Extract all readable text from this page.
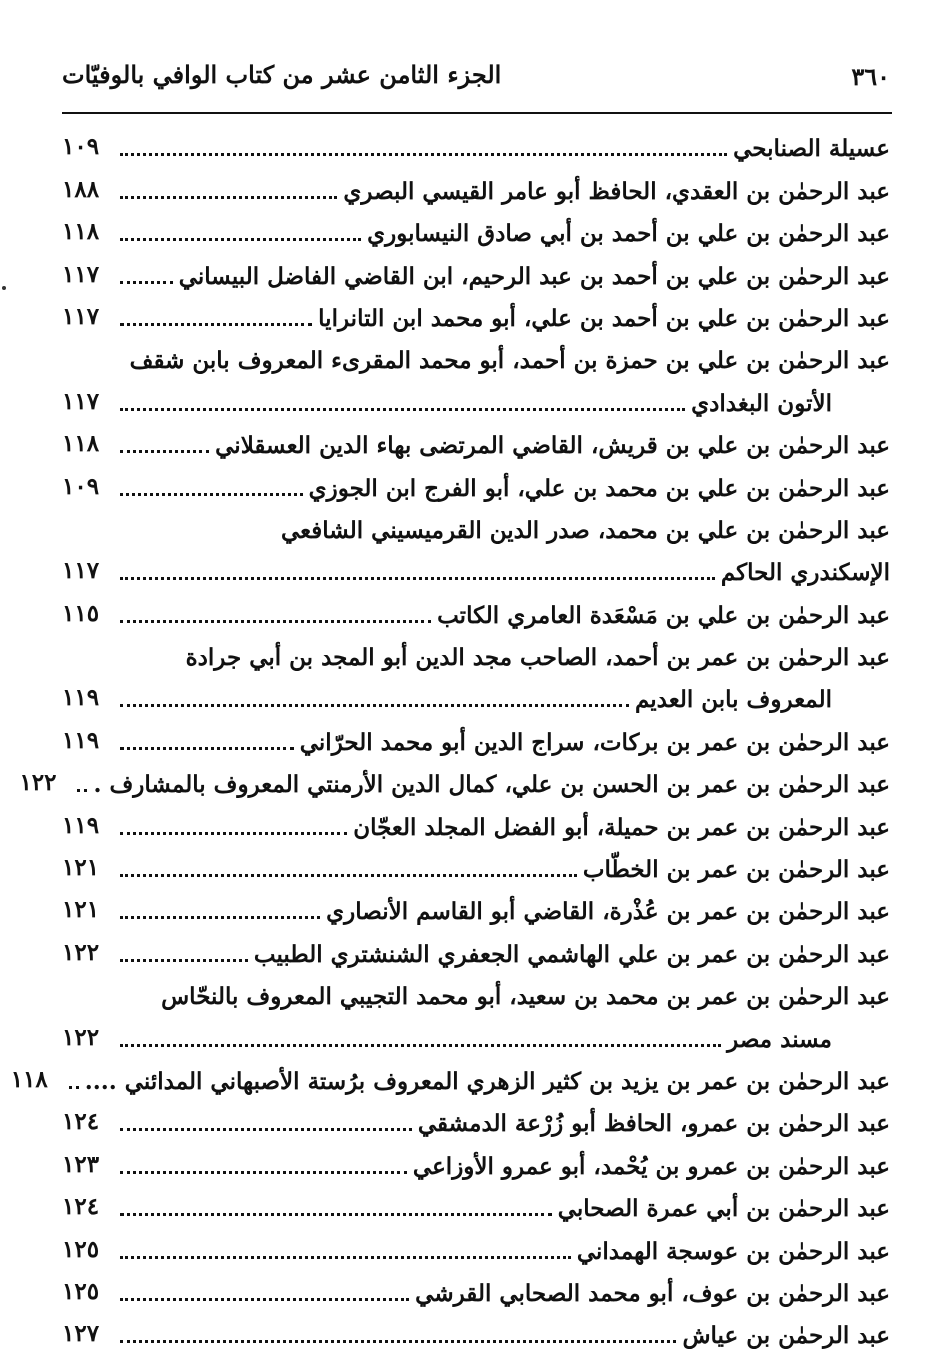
٣٦٠
الجزء الثامن عشر من كتاب الوافي بالوفيّات
عسيلة الصنابحي
١٠٩
عبد الرحمٰن بن العقدي، الحافظ أبو عامر القيسي البصري
١٨٨
عبد الرحمٰن بن علي بن أحمد بن أبي صادق النيسابوري
١١٨
عبد الرحمٰن بن علي بن أحمد بن عبد الرحيم، ابن القاضي الفاضل البيساني
١١٧
عبد الرحمٰن بن علي بن أحمد بن علي، أبو محمد ابن التانرايا
١١٧
عبد الرحمٰن بن علي بن حمزة بن أحمد، أبو محمد المقرىء المعروف بابن شقف
الأتون البغدادي
١١٧
عبد الرحمٰن بن علي بن قريش، القاضي المرتضى بهاء الدين العسقلاني
١١٨
عبد الرحمٰن بن علي بن محمد بن علي، أبو الفرج ابن الجوزي
١٠٩
عبد الرحمٰن بن علي بن محمد، صدر الدين القرميسيني الشافعي
الإسكندري الحاكم
١١٧
عبد الرحمٰن بن علي بن مَسْعَدة العامري الكاتب
١١٥
عبد الرحمٰن بن عمر بن أحمد، الصاحب مجد الدين أبو المجد بن أبي جرادة
المعروف بابن العديم
١١٩
عبد الرحمٰن بن عمر بن بركات، سراج الدين أبو محمد الحرّاني
١١٩
عبد الرحمٰن بن عمر بن الحسن بن علي، كمال الدين الأرمنتي المعروف بالمشارف .
١٢٢
عبد الرحمٰن بن عمر بن حميلة، أبو الفضل المجلد العجّان
١١٩
عبد الرحمٰن بن عمر بن الخطّاب
١٢١
عبد الرحمٰن بن عمر بن عُذْرة، القاضي أبو القاسم الأنصاري
١٢١
عبد الرحمٰن بن عمر بن علي الهاشمي الجعفري الشنشتري الطبيب
١٢٢
عبد الرحمٰن بن عمر بن محمد بن سعيد، أبو محمد التجيبي المعروف بالنحّاس
مسند مصر
١٢٢
عبد الرحمٰن بن عمر بن يزيد بن كثير الزهري المعروف برُستة الأصبهاني المدائني ....
١١٨
عبد الرحمٰن بن عمرو، الحافظ أبو زُرْعة الدمشقي
١٢٤
عبد الرحمٰن بن عمرو بن يُحْمد، أبو عمرو الأوزاعي
١٢٣
عبد الرحمٰن بن أبي عمرة الصحابي
١٢٤
عبد الرحمٰن بن عوسجة الهمداني
١٢٥
عبد الرحمٰن بن عوف، أبو محمد الصحابي القرشي
١٢٥
عبد الرحمٰن بن عياش
١٢٧
